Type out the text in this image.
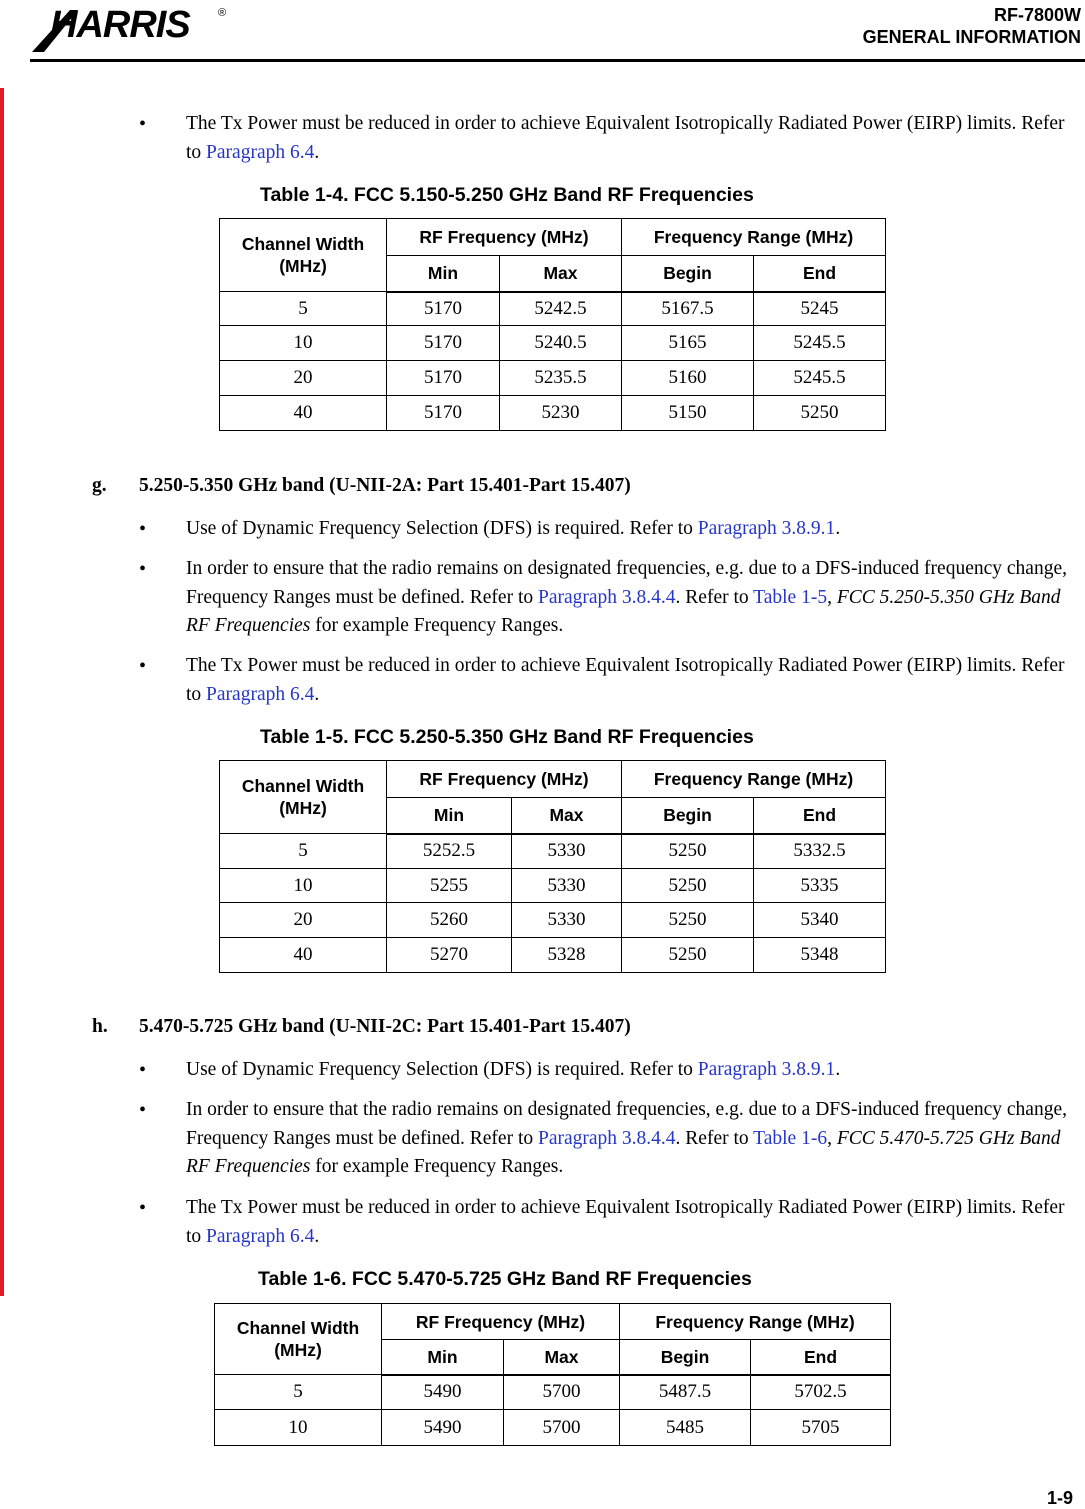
HARRIS	®	RF-7800W
GENERAL INFORMATION
• The Tx Power must be reduced in order to achieve Equivalent Isotropically Radiated Power (EIRP) limits. Refer to Paragraph 6.4.
Table 1-4. FCC 5.150-5.250 GHz Band RF Frequencies
Channel Width (MHz)	RF Frequency (MHz)		Frequency Range (MHz)	
	Min	Max	Begin	End
5	5170	5242.5	5167.5	5245
10	5170	5240.5	5165	5245.5
20	5170	5235.5	5160	5245.5
40	5170	5230	5150	5250
g. 5.250-5.350 GHz band (U-NII-2A: Part 15.401-Part 15.407)
• Use of Dynamic Frequency Selection (DFS) is required. Refer to Paragraph 3.8.9.1.
• In order to ensure that the radio remains on designated frequencies, e.g. due to a DFS-induced frequency change, Frequency Ranges must be defined. Refer to Paragraph 3.8.4.4. Refer to Table 1-5, FCC 5.250-5.350 GHz Band RF Frequencies for example Frequency Ranges.
• The Tx Power must be reduced in order to achieve Equivalent Isotropically Radiated Power (EIRP) limits. Refer to Paragraph 6.4.
Table 1-5. FCC 5.250-5.350 GHz Band RF Frequencies
Channel Width (MHz)	RF Frequency (MHz)		Frequency Range (MHz)	
	Min	Max	Begin	End
5	5252.5	5330	5250	5332.5
10	5255	5330	5250	5335
20	5260	5330	5250	5340
40	5270	5328	5250	5348
h. 5.470-5.725 GHz band (U-NII-2C: Part 15.401-Part 15.407)
• Use of Dynamic Frequency Selection (DFS) is required. Refer to Paragraph 3.8.9.1.
• In order to ensure that the radio remains on designated frequencies, e.g. due to a DFS-induced frequency change, Frequency Ranges must be defined. Refer to Paragraph 3.8.4.4. Refer to Table 1-6, FCC 5.470-5.725 GHz Band RF Frequencies for example Frequency Ranges.
• The Tx Power must be reduced in order to achieve Equivalent Isotropically Radiated Power (EIRP) limits. Refer to Paragraph 6.4.
Table 1-6. FCC 5.470-5.725 GHz Band RF Frequencies
Channel Width (MHz)	RF Frequency (MHz)		Frequency Range (MHz)	
	Min	Max	Begin	End
5	5490	5700	5487.5	5702.5
10	5490	5700	5485	5705
1-9
